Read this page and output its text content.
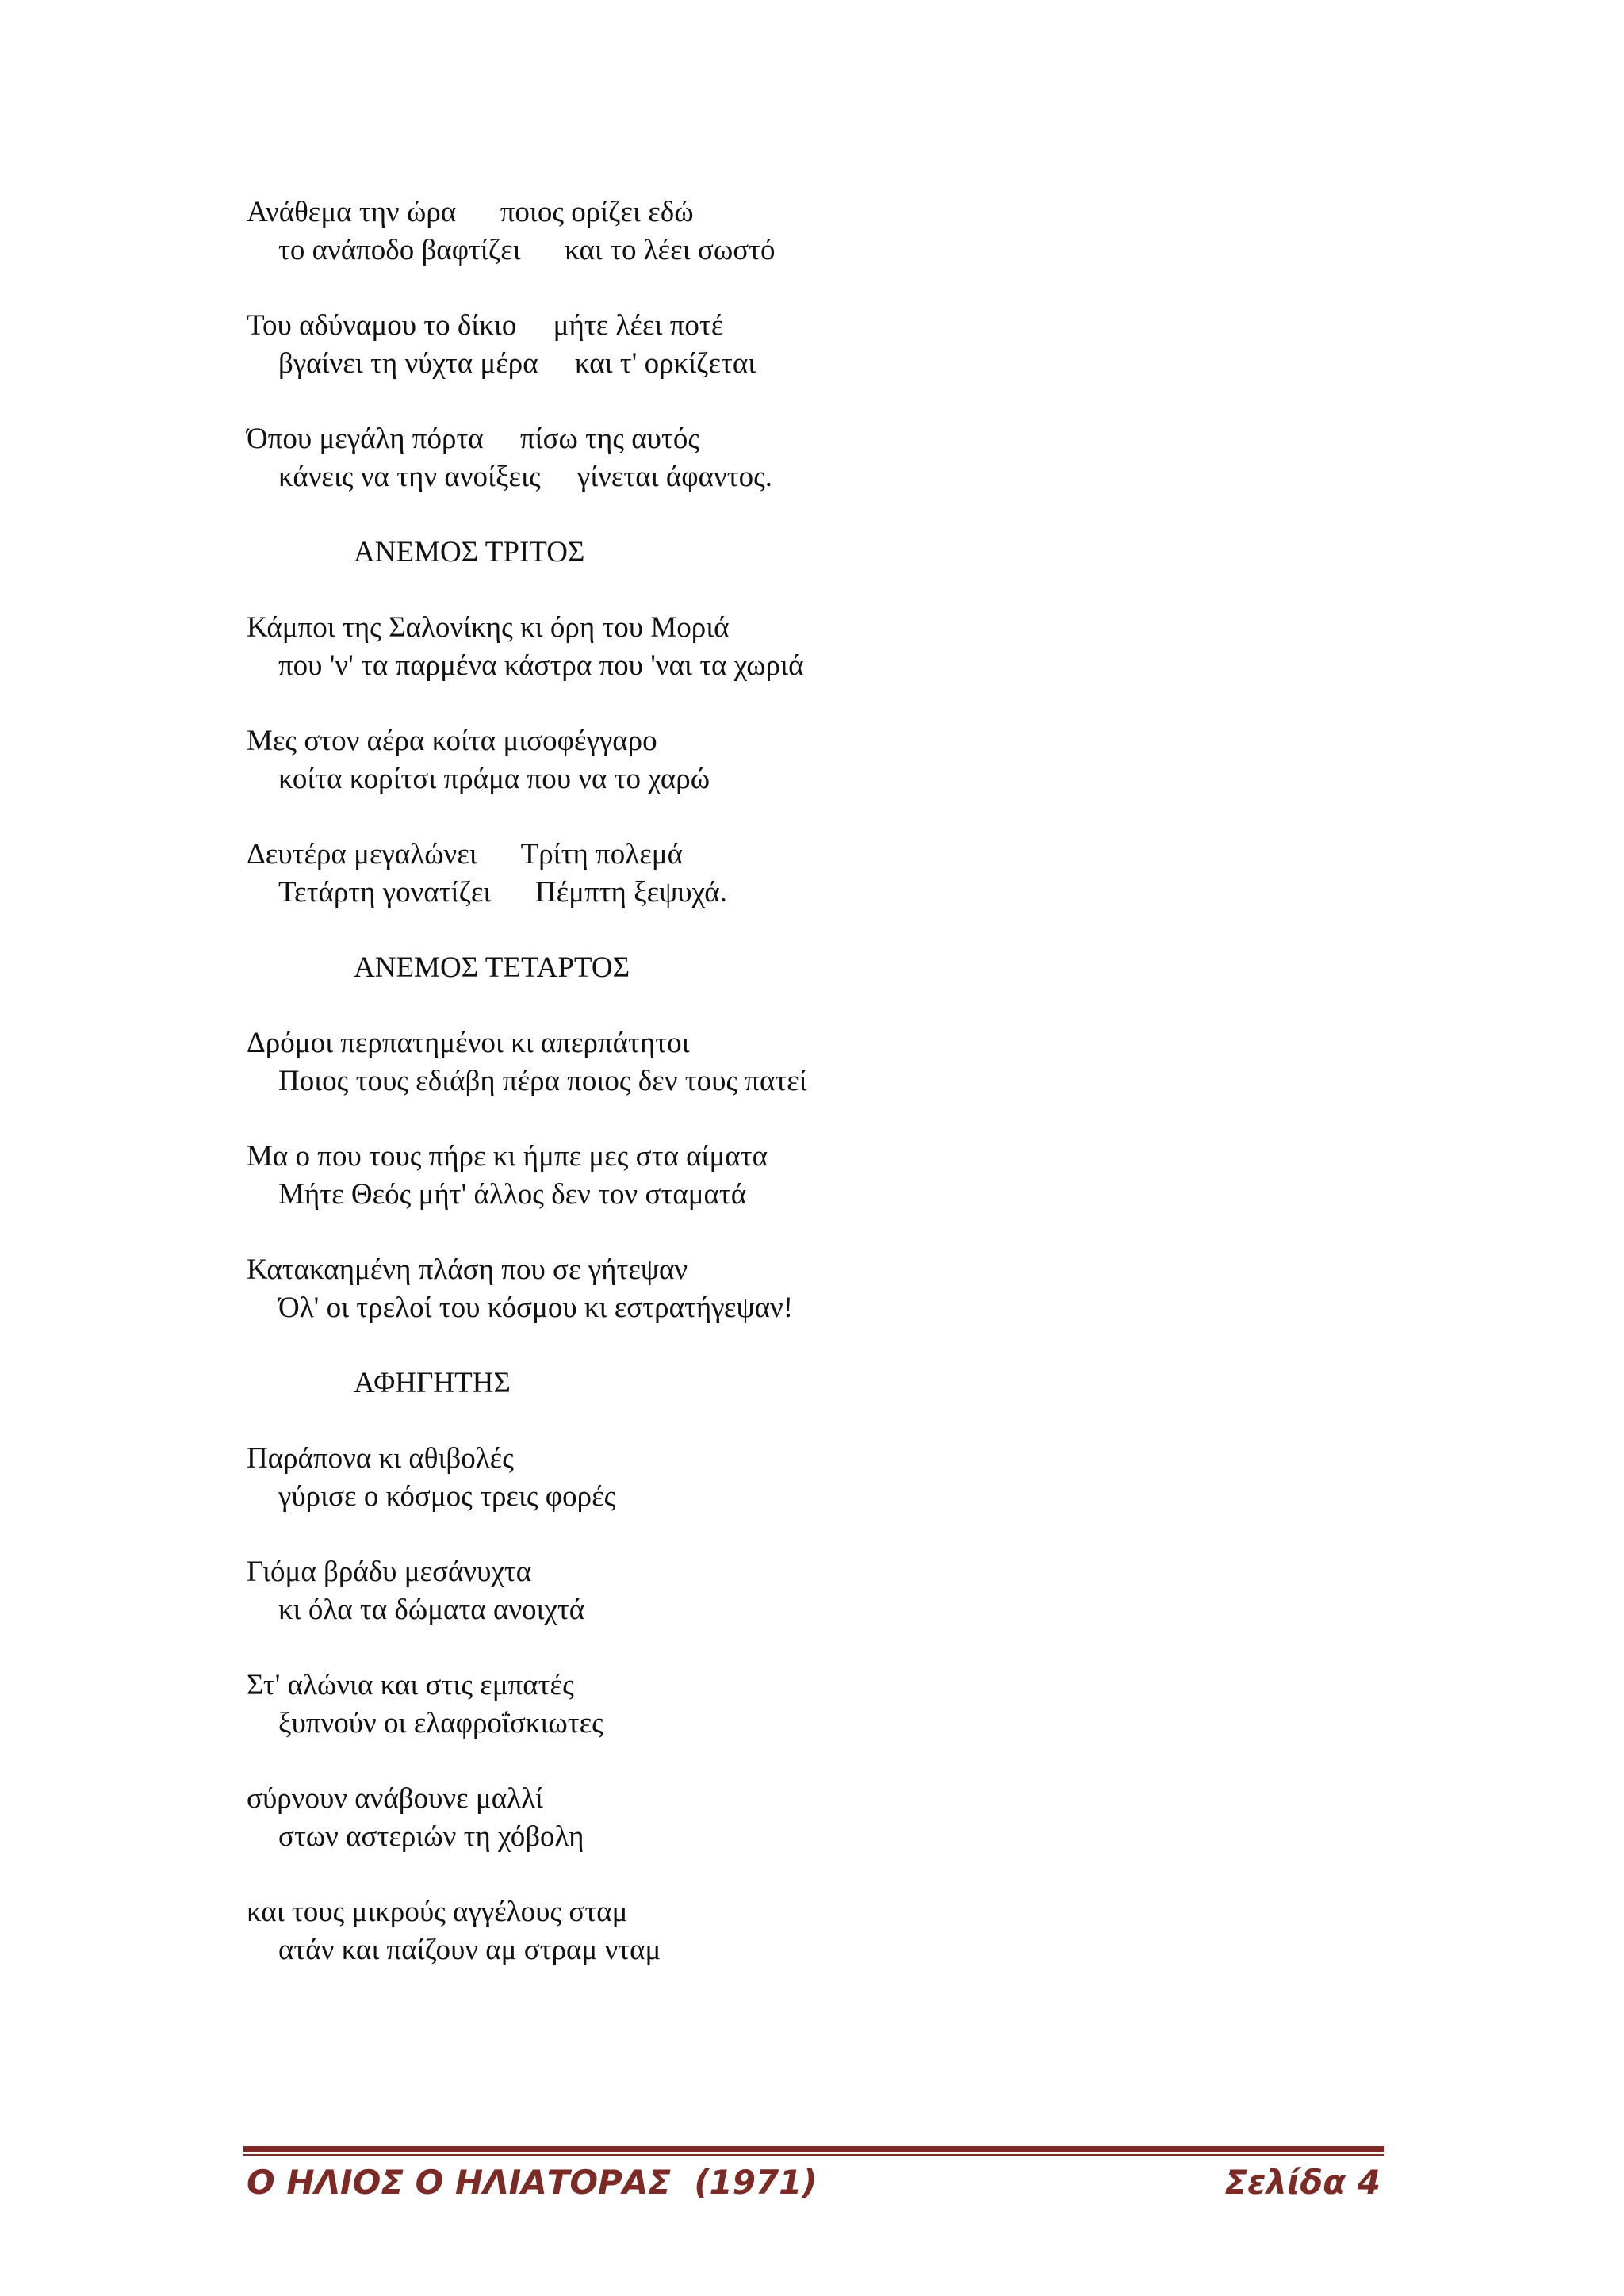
Ανάθεμα την ώρα      ποιος ορίζει εδώ
το ανάποδο βαφτίζει      και το λέει σωστό
Του αδύναμου το δίκιο     μήτε λέει ποτέ
βγαίνει τη νύχτα μέρα     και τ' ορκίζεται
Όπου μεγάλη πόρτα     πίσω της αυτός
κάνεις να την ανοίξεις     γίνεται άφαντος.
ΑΝΕΜΟΣ ΤΡΙΤΟΣ
Κάμποι της Σαλονίκης κι όρη του Μοριά
που 'ν' τα παρμένα κάστρα που 'ναι τα χωριά
Μες στον αέρα κοίτα μισοφέγγαρο
κοίτα κορίτσι πράμα που να το χαρώ
Δευτέρα μεγαλώνει      Τρίτη πολεμά
Τετάρτη γονατίζει      Πέμπτη ξεψυχά.
ΑΝΕΜΟΣ ΤΕΤΑΡΤΟΣ
Δρόμοι περπατημένοι κι απερπάτητοι
Ποιος τους εδιάβη πέρα ποιος δεν τους πατεί
Μα ο που τους πήρε κι ήμπε μες στα αίματα
Μήτε Θεός μήτ' άλλος δεν τον σταματά
Κατακαημένη πλάση που σε γήτεψαν
Όλ' οι τρελοί του κόσμου κι εστρατήγεψαν!
ΑΦΗΓΗΤΗΣ
Παράπονα κι αθιβολές
γύρισε ο κόσμος τρεις φορές
Γιόμα βράδυ μεσάνυχτα
κι όλα τα δώματα ανοιχτά
Στ' αλώνια και στις εμπατές
ξυπνούν οι ελαφροΐσκιωτες
σύρνουν ανάβουνε μαλλί
στων αστεριών τη χόβολη
και τους μικρούς αγγέλους σταμ
ατάν και παίζουν αμ στραμ νταμ
Ο ΗΛΙΟΣ Ο ΗΛΙΑΤΟΡΑΣ  (1971)	Σελίδα 4
